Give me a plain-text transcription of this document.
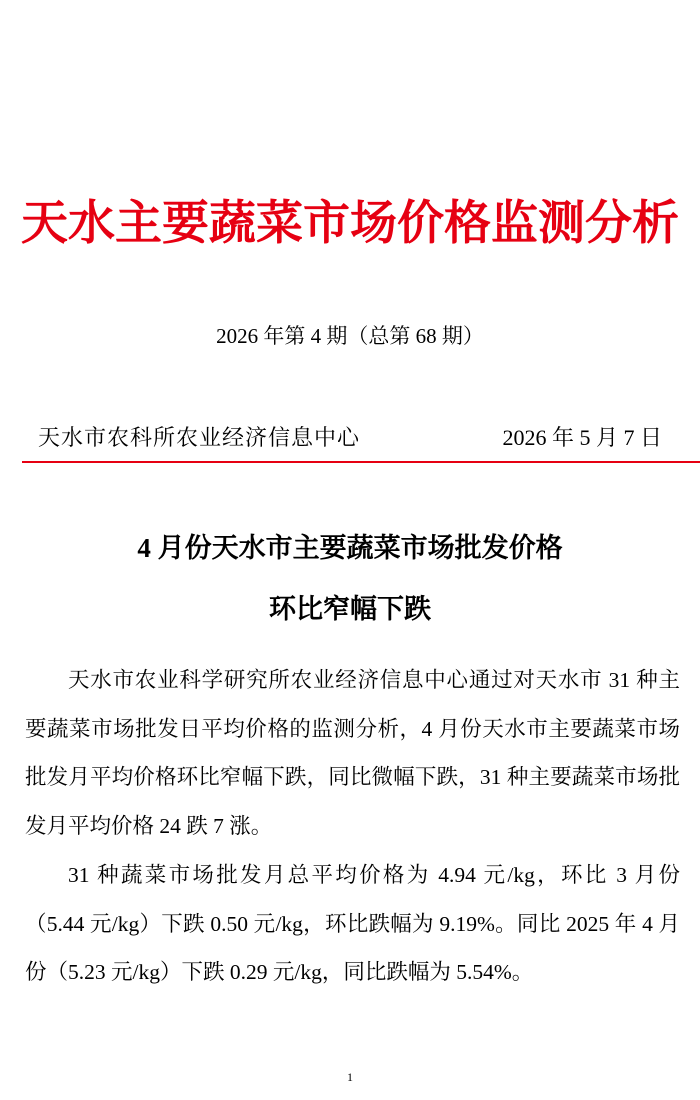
天水主要蔬菜市场价格监测分析
2026 年第 4 期（总第 68 期）
天水市农科所农业经济信息中心	2026 年 5 月 7 日
4 月份天水市主要蔬菜市场批发价格
环比窄幅下跌

天水市农业科学研究所农业经济信息中心通过对天水市 31 种主要蔬菜市场批发日平均价格的监测分析，4 月份天水市主要蔬菜市场批发月平均价格环比窄幅下跌，同比微幅下跌，31 种主要蔬菜市场批发月平均价格 24 跌 7 涨。

31 种蔬菜市场批发月总平均价格为 4.94 元/kg，环比 3 月份（5.44 元/kg）下跌 0.50 元/kg，环比跌幅为 9.19%。同比 2025 年 4 月份（5.23 元/kg）下跌 0.29 元/kg，同比跌幅为 5.54%。

1
